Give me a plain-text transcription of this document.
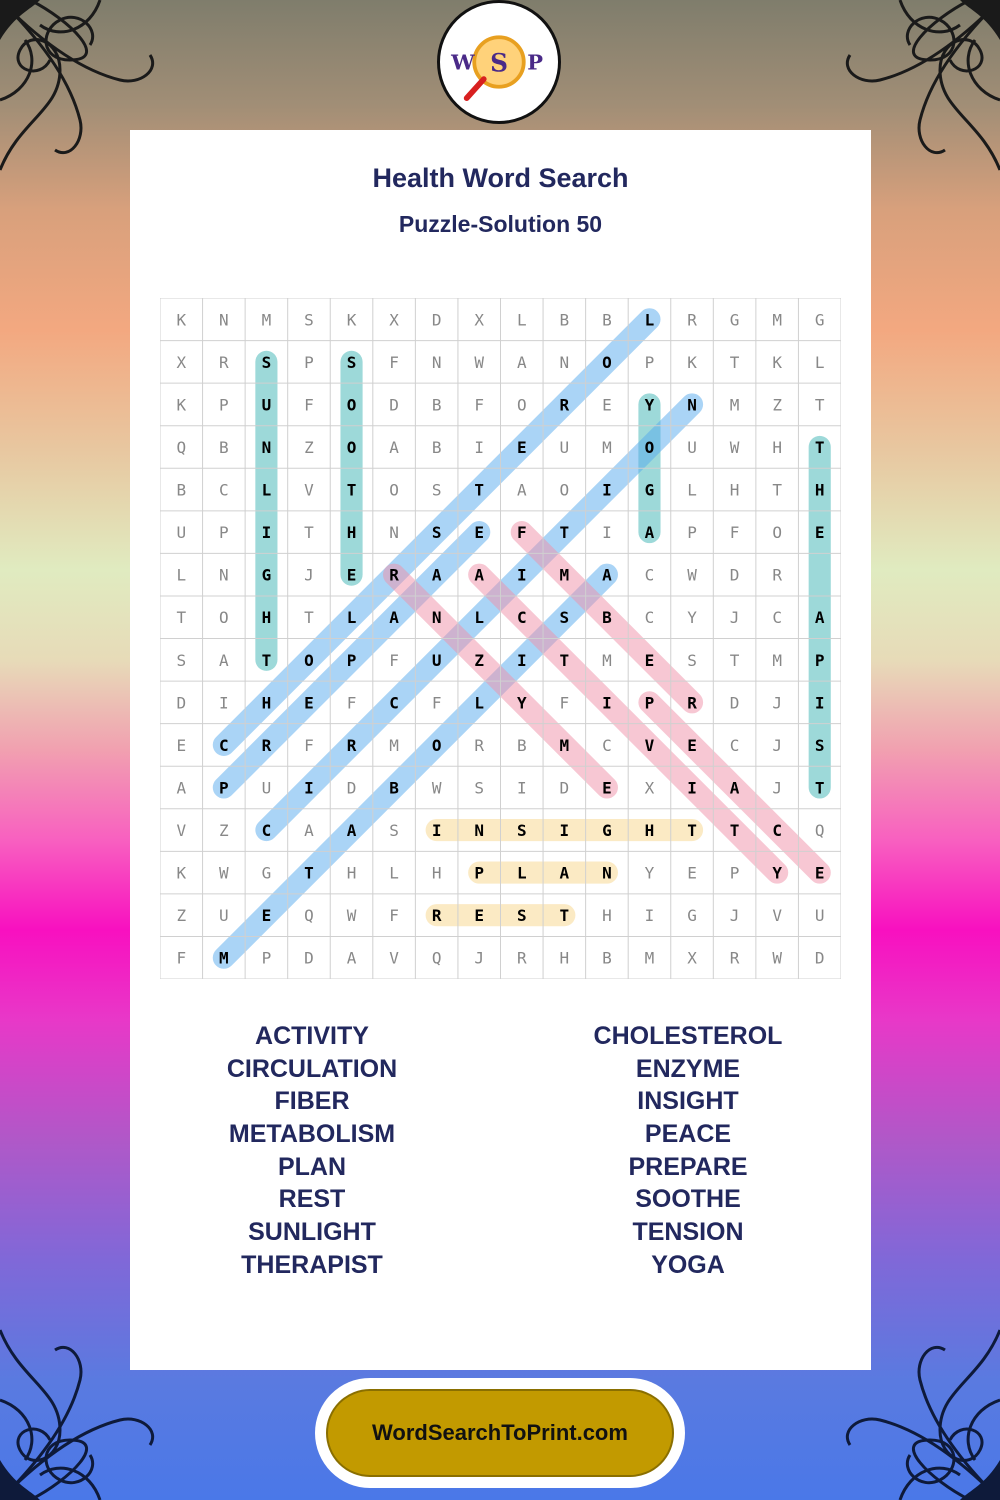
W S P
Health Word Search
Puzzle-Solution 50
K N M S K X D X L B B L R G M G
X R S P S F N W A N O P K T K L
K P U F O D B F O R E Y N M Z T
Q B N Z O A B I E U M O U W H T
B C L V T O S T A O I G L H T H
U P I T H N S E F T I A P F O E
L N G J E R A A I M A C W D R
T O H T L A N L C S B C Y J C A
S A T O P F U Z I T M E S T M P
D I H E F C F L Y F I P R D J I
E C R F R M O R B M C V E C J S
A P U I D B W S I D E X I A J T
V Z C A A S I N S I G H T T C Q
K W G T H L H P L A N Y E P Y E
Z U E Q W F R E S T H I G J V U
F M P D A V Q J R H B M X R W D
ACTIVITY
CIRCULATION
FIBER
METABOLISM
PLAN
REST
SUNLIGHT
THERAPIST
CHOLESTEROL
ENZYME
INSIGHT
PEACE
PREPARE
SOOTHE
TENSION
YOGA
WordSearchToPrint.com
